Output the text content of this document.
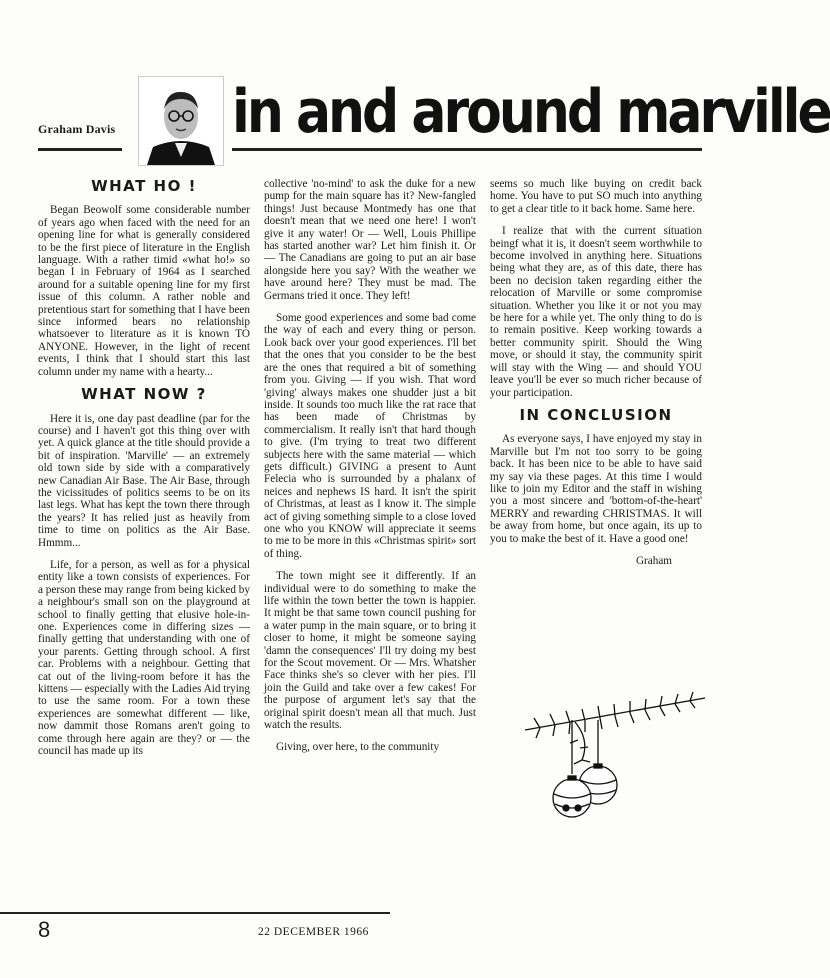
Graham Davis in and around marville
WHAT HO !

Began Beowolf some considerable number of years ago when faced with the need for an opening line for what is generally considered to be the first piece of literature in the English language. With a rather timid «what ho!» so began I in February of 1964 as I searched around for a suitable opening line for my first issue of this column. A rather noble and pretentious start for something that I have been since informed bears no relationship whatsoever to literature as it is known TO ANYONE. However, in the light of recent events, I think that I should start this last column under my name with a hearty...

WHAT NOW ?

Here it is, one day past deadline (par for the course) and I haven't got this thing over with yet. A quick glance at the title should provide a bit of inspiration. 'Marville' — an extremely old town side by side with a comparatively new Canadian Air Base. The Air Base, through the vicissitudes of politics seems to be on its last legs. What has kept the town there through the years? It has relied just as heavily from time to time on politics as the Air Base. Hmmm...

Life, for a person, as well as for a physical entity like a town consists of experiences. For a person these may range from being kicked by a neighbour's small son on the playground at school to finally getting that elusive hole-in-one. Experiences come in differing sizes — finally getting that understanding with one of your parents. Getting through school. A first car. Problems with a neighbour. Getting that cat out of the living-room before it has the kittens — especially with the Ladies Aid trying to use the same room. For a town these experiences are somewhat different — like, now dammit those Romans aren't going to come through here again are they? or — the council has made up its

collective 'no-mind' to ask the duke for a new pump for the main square has it? New-fangled things! Just because Montmedy has one that doesn't mean that we need one here! I won't give it any water! Or — Well, Louis Phillipe has started another war? Let him finish it. Or — The Canadians are going to put an air base alongside here you say? With the weather we have around here? They must be mad. The Germans tried it once. They left!

Some good experiences and some bad come the way of each and every thing or person. Look back over your good experiences. I'll bet that the ones that you consider to be the best are the ones that required a bit of something from you. Giving — if you wish. That word 'giving' always makes one shudder just a bit inside. It sounds too much like the rat race that has been made of Christmas by commercialism. It really isn't that hard though to give. (I'm trying to treat two different subjects here with the same material — which gets difficult.) GIVING a present to Aunt Felecia who is surrounded by a phalanx of neices and nephews IS hard. It isn't the spirit of Christmas, at least as I know it. The simple act of giving something simple to a close loved one who you KNOW will appreciate it seems to me to be more in this «Christmas spirit» sort of thing.

The town might see it differently. If an individual were to do something to make the life within the town better the town is happier. It might be that same town council pushing for a water pump in the main square, or to bring it closer to home, it might be someone saying 'damn the consequences' I'll try doing my best for the Scout movement. Or — Mrs. Whatsher Face thinks she's so clever with her pies. I'll join the Guild and take over a few cakes! For the purpose of argument let's say that the original spirit doesn't mean all that much. Just watch the results.

Giving, over here, to the community

seems so much like buying on credit back home. You have to put SO much into anything to get a clear title to it back home. Same here.

I realize that with the current situation beingf what it is, it doesn't seem worthwhile to become involved in anything here. Situations being what they are, as of this date, there has been no decision taken regarding either the relocation of Marville or some compromise situation. Whether you like it or not you may be here for a while yet. The only thing to do is to remain positive. Keep working towards a better community spirit. Should the Wing move, or should it stay, the community spirit will stay with the Wing — and should YOU leave you'll be ever so much richer because of your participation.

IN CONCLUSION

As everyone says, I have enjoyed my stay in Marville but I'm not too sorry to be going back. It has been nice to be able to have said my say via these pages. At this time I would like to join my Editor and the staff in wishing you a most sincere and 'bottom-of-the-heart' MERRY and rewarding CHRISTMAS. It will be away from home, but once again, its up to you to make the best of it. Have a good one!

Graham

8	22 DECEMBER 1966
